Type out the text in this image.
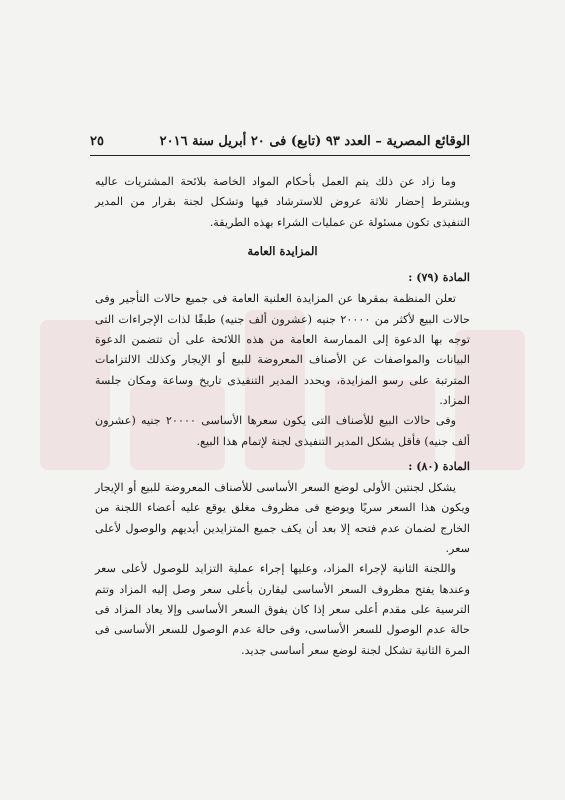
الوقائع المصرية – العدد ٩٣ (تابع) فى ٢٠ أبريل سنة ٢٠١٦
٢٥

وما زاد عن ذلك يتم العمل بأحكام المواد الخاصة بلائحة المشتريات عاليه ويشترط إحضار ثلاثة عروض للاسترشاد فيها وتشكل لجنة بقرار من المدير التنفيذى تكون مسئولة عن عمليات الشراء بهذه الطريقة.

المزايدة العامة
المادة (٧٩) :

تعلن المنظمة بمقرها عن المزايدة العلنية العامة فى جميع حالات التأجير وفى حالات البيع لأكثر من ٢٠٠٠٠ جنيه (عشرون ألف جنيه) طبقًا لذات الإجراءات التى توجه بها الدعوة إلى الممارسة العامة من هذه اللائحة على أن تتضمن الدعوة البيانات والمواصفات عن الأصناف المعروضة للبيع أو الإيجار وكذلك الالتزامات المترتبة على رسو المزايدة، ويحدد المدير التنفيذى تاريخ وساعة ومكان جلسة المزاد.

وفى حالات البيع للأصناف التى يكون سعرها الأساسى ٢٠٠٠٠ جنيه (عشرون ألف جنيه) فأقل يشكل المدير التنفيذى لجنة لإتمام هذا البيع.

المادة (٨٠) :

يشكل لجنتين الأولى لوضع السعر الأساسى للأصناف المعروضة للبيع أو الإيجار ويكون هذا السعر سريًا ويوضع فى مظروف مغلق يوقع عليه أعضاء اللجنة من الخارج لضمان عدم فتحه إلا بعد أن يكف جميع المتزايدين أيديهم والوصول لأعلى سعر.

واللجنة الثانية لإجراء المزاد، وعليها إجراء عملية التزايد للوصول لأعلى سعر وعندها يفتح مظروف السعر الأساسى ليقارن بأعلى سعر وصل إليه المزاد وتتم الترسية على مقدم أعلى سعر إذا كان يفوق السعر الأساسى وإلا يعاد المزاد فى حالة عدم الوصول للسعر الأساسى، وفى حالة عدم الوصول للسعر الأساسى فى المرة الثانية تشكل لجنة لوضع سعر أساسى جديد.
